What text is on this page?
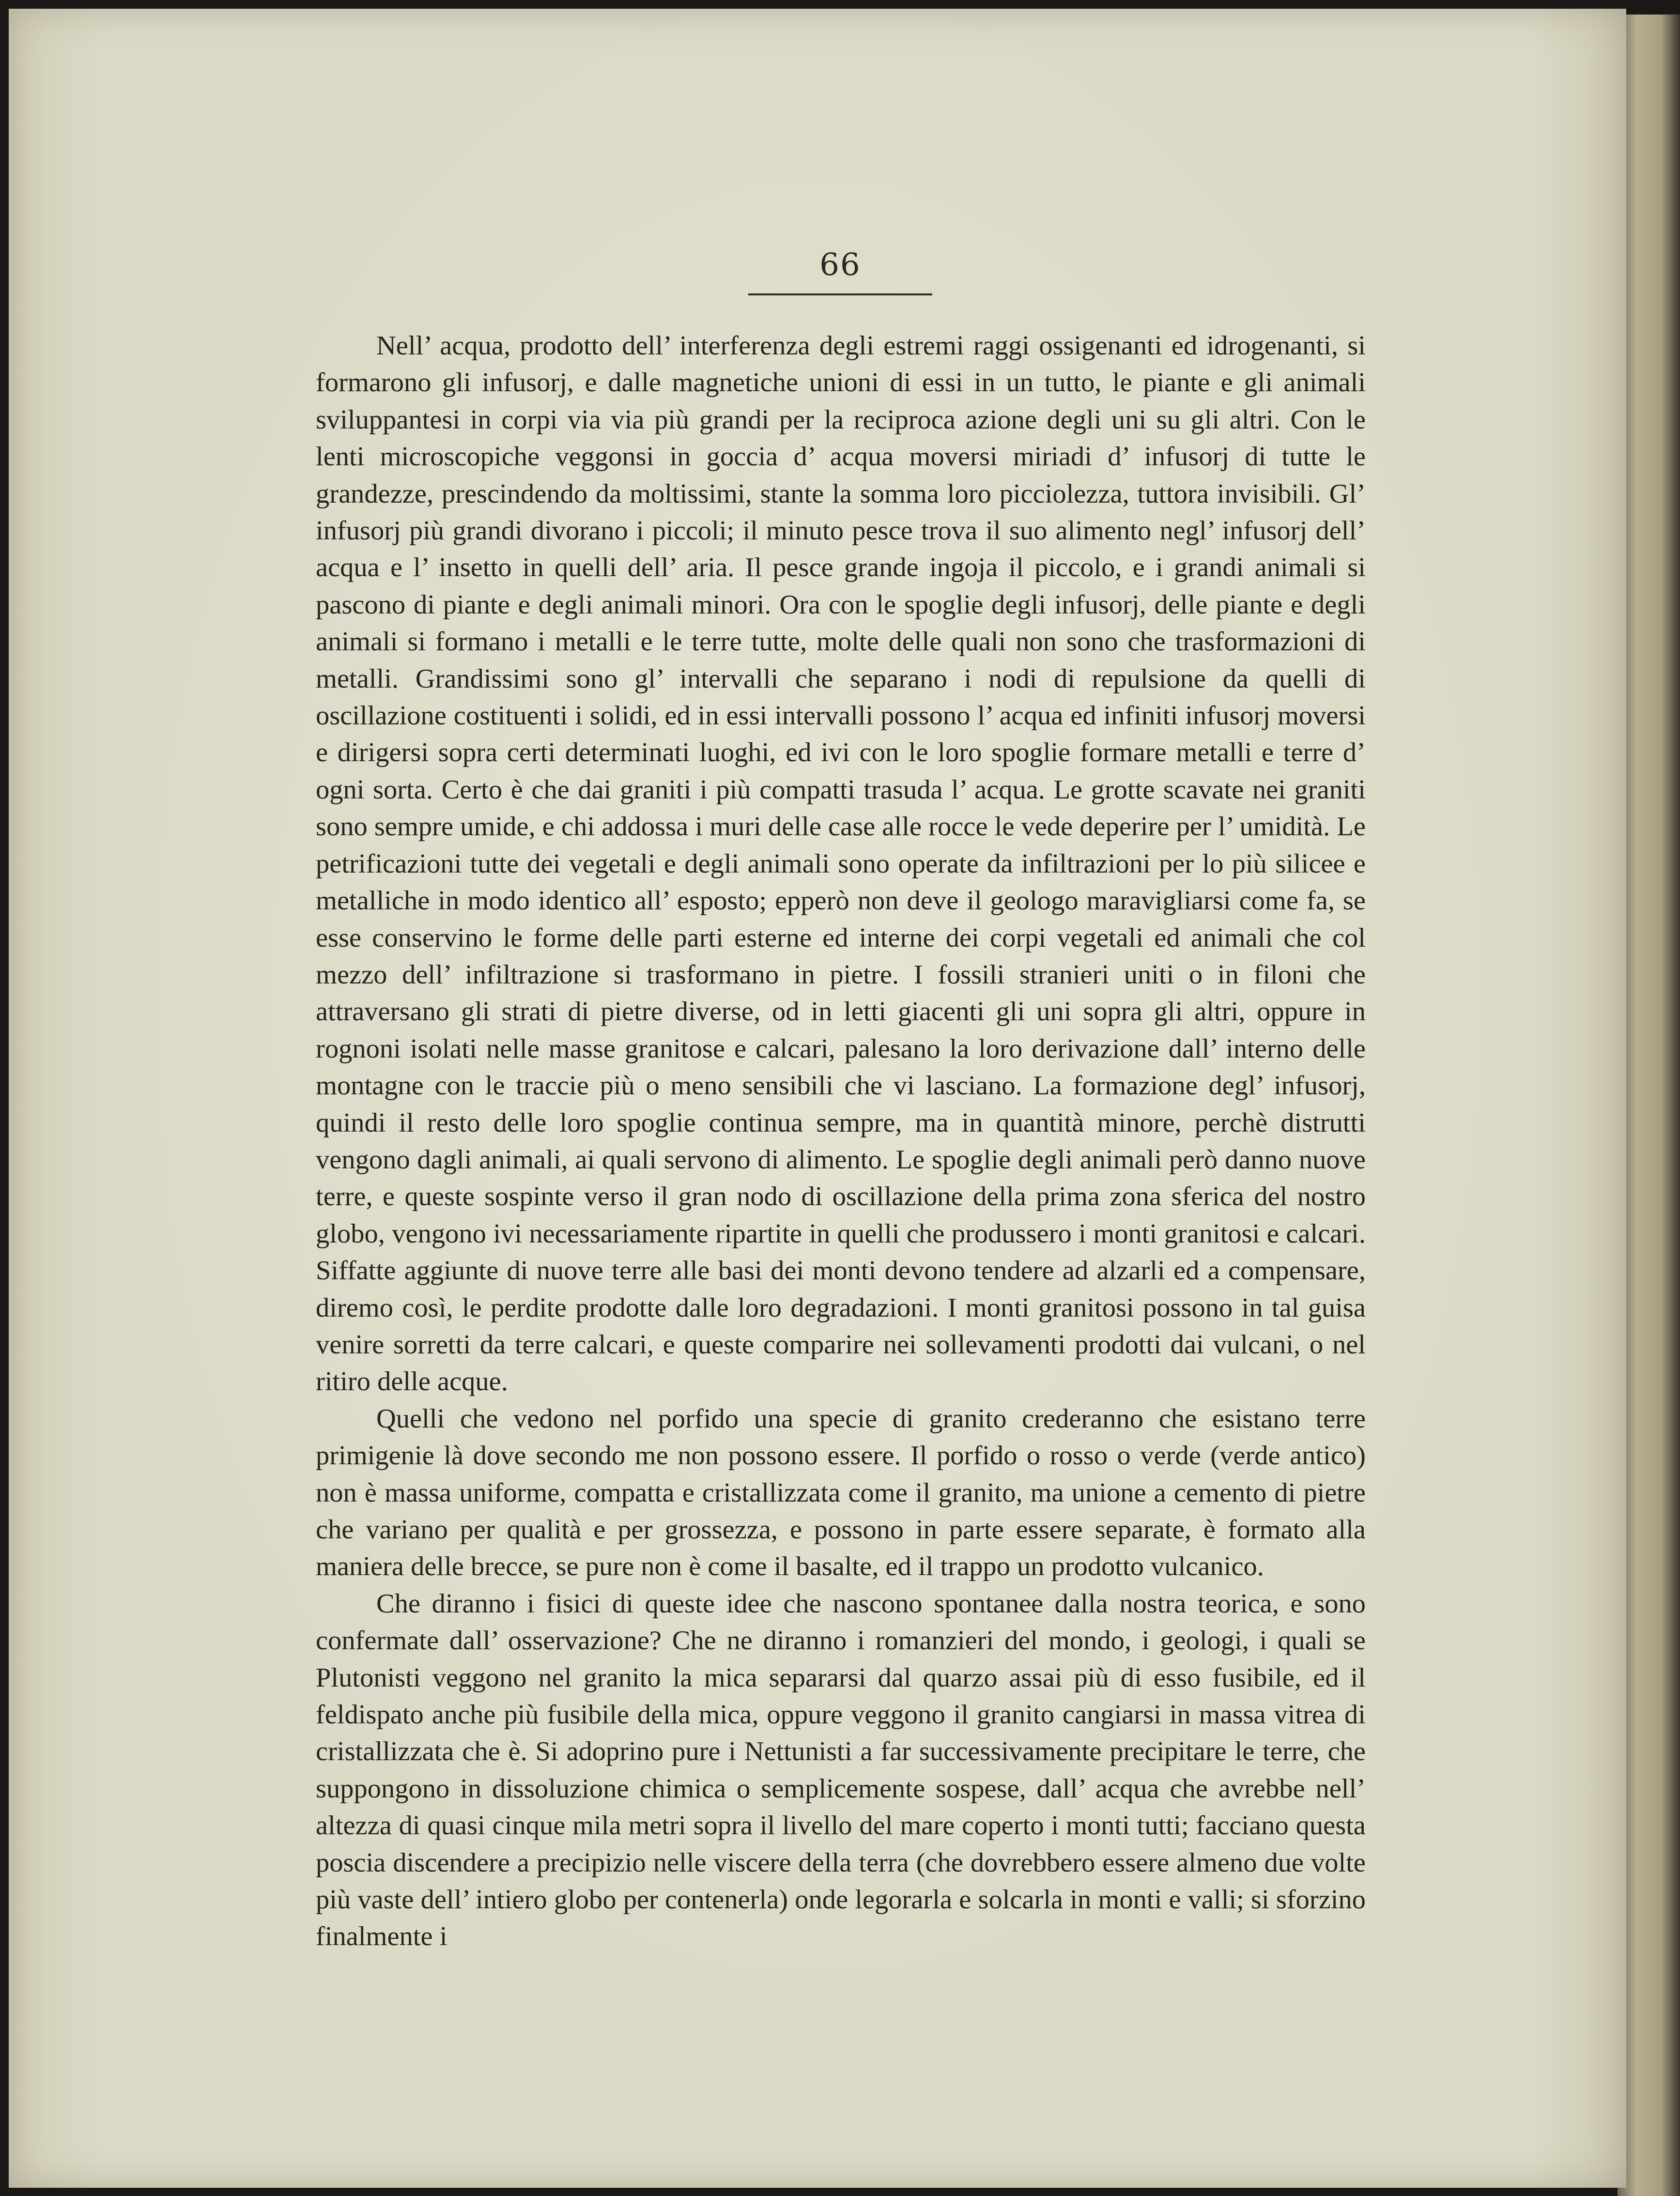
66

Nell’ acqua, prodotto dell’ interferenza degli estremi raggi ossigenanti ed idrogenanti, si formarono gli infusorj, e dalle magnetiche unioni di essi in un tutto, le piante e gli animali sviluppantesi in corpi via via più grandi per la reciproca azione degli uni su gli altri. Con le lenti microscopiche veggonsi in goccia d’ acqua moversi miriadi d’ infusorj di tutte le grandezze, prescindendo da moltissimi, stante la somma loro picciolezza, tuttora invisibili. Gl’ infusorj più grandi divorano i piccoli; il minuto pesce trova il suo alimento negl’ infusorj dell’ acqua e l’ insetto in quelli dell’ aria. Il pesce grande ingoja il piccolo, e i grandi animali si pascono di piante e degli animali minori. Ora con le spoglie degli infusorj, delle piante e degli animali si formano i metalli e le terre tutte, molte delle quali non sono che trasformazioni di metalli. Grandissimi sono gl’ intervalli che separano i nodi di repulsione da quelli di oscillazione costituenti i solidi, ed in essi intervalli possono l’ acqua ed infiniti infusorj moversi e dirigersi sopra certi determinati luoghi, ed ivi con le loro spoglie formare metalli e terre d’ ogni sorta. Certo è che dai graniti i più compatti trasuda l’ acqua. Le grotte scavate nei graniti sono sempre umide, e chi addossa i muri delle case alle rocce le vede deperire per l’ umidità. Le petrificazioni tutte dei vegetali e degli animali sono operate da infiltrazioni per lo più silicee e metalliche in modo identico all’ esposto; epperò non deve il geologo maravigliarsi come fa, se esse conservino le forme delle parti esterne ed interne dei corpi vegetali ed animali che col mezzo dell’ infiltrazione si trasformano in pietre. I fossili stranieri uniti o in filoni che attraversano gli strati di pietre diverse, od in letti giacenti gli uni sopra gli altri, oppure in rognoni isolati nelle masse granitose e calcari, palesano la loro derivazione dall’ interno delle montagne con le traccie più o meno sensibili che vi lasciano. La formazione degl’ infusorj, quindi il resto delle loro spoglie continua sempre, ma in quantità minore, perchè distrutti vengono dagli animali, ai quali servono di alimento. Le spoglie degli animali però danno nuove terre, e queste sospinte verso il gran nodo di oscillazione della prima zona sferica del nostro globo, vengono ivi necessariamente ripartite in quelli che produssero i monti granitosi e calcari. Siffatte aggiunte di nuove terre alle basi dei monti devono tendere ad alzarli ed a compensare, diremo così, le perdite prodotte dalle loro degradazioni. I monti granitosi possono in tal guisa venire sorretti da terre calcari, e queste comparire nei sollevamenti prodotti dai vulcani, o nel ritiro delle acque.

Quelli che vedono nel porfido una specie di granito crederanno che esistano terre primigenie là dove secondo me non possono essere. Il porfido o rosso o verde (verde antico) non è massa uniforme, compatta e cristallizzata come il granito, ma unione a cemento di pietre che variano per qualità e per grossezza, e possono in parte essere separate, è formato alla maniera delle brecce, se pure non è come il basalte, ed il trappo un prodotto vulcanico.

Che diranno i fisici di queste idee che nascono spontanee dalla nostra teorica, e sono confermate dall’ osservazione? Che ne diranno i romanzieri del mondo, i geologi, i quali se Plutonisti veggono nel granito la mica separarsi dal quarzo assai più di esso fusibile, ed il feldispato anche più fusibile della mica, oppure veggono il granito cangiarsi in massa vitrea di cristallizzata che è. Si adoprino pure i Nettunisti a far successivamente precipitare le terre, che suppongono in dissoluzione chimica o semplicemente sospese, dall’ acqua che avrebbe nell’ altezza di quasi cinque mila metri sopra il livello del mare coperto i monti tutti; facciano questa poscia discendere a precipizio nelle viscere della terra (che dovrebbero essere almeno due volte più vaste dell’ intiero globo per contenerla) onde legorarla e solcarla in monti e valli; si sforzino finalmente i
